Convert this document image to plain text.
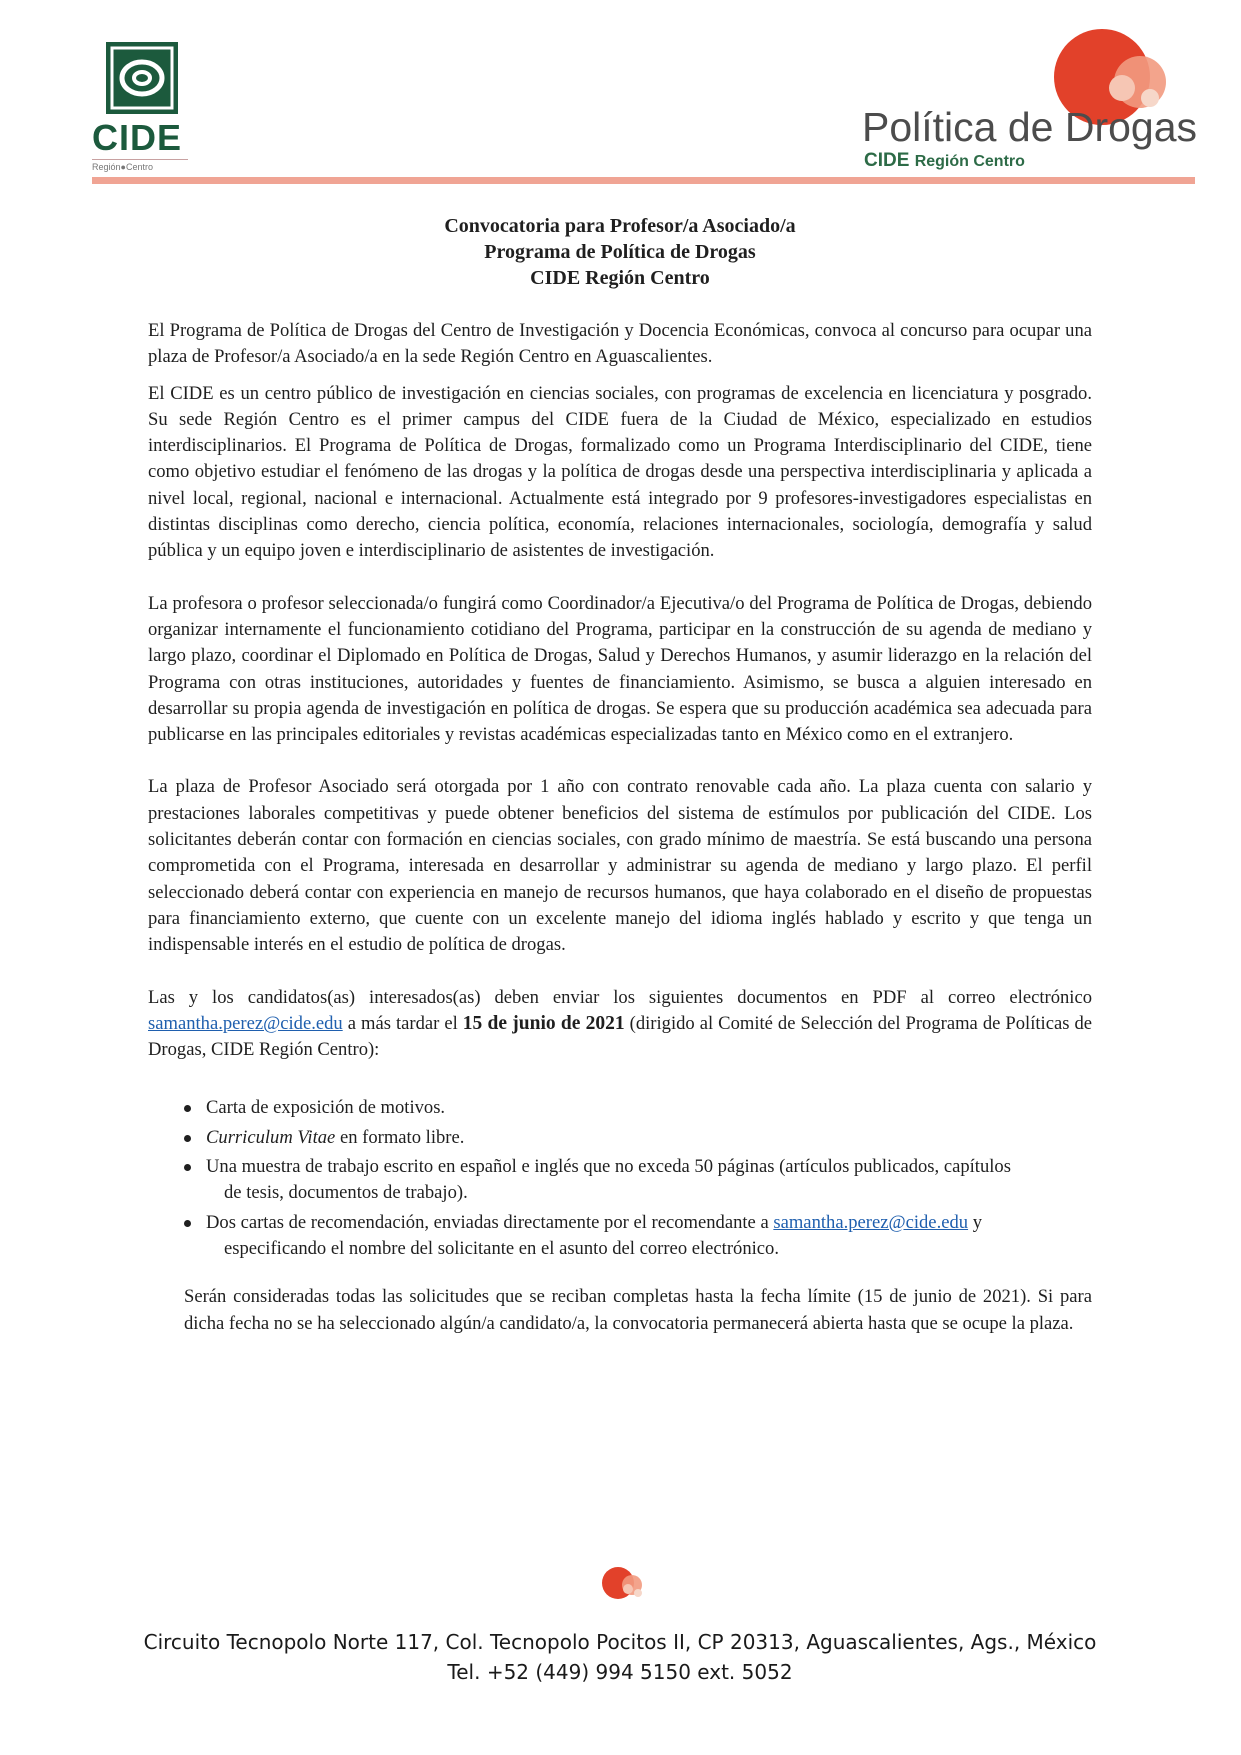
CIDE
Región●Centro
Política de Drogas
CIDE Región Centro
Convocatoria para Profesor/a Asociado/a
Programa de Política de Drogas
CIDE Región Centro

El Programa de Política de Drogas del Centro de Investigación y Docencia Económicas, convoca al concurso para ocupar una plaza de Profesor/a Asociado/a en la sede Región Centro en Aguascalientes.

El CIDE es un centro público de investigación en ciencias sociales, con programas de excelencia en licenciatura y posgrado. Su sede Región Centro es el primer campus del CIDE fuera de la Ciudad de México, especializado en estudios interdisciplinarios. El Programa de Política de Drogas, formalizado como un Programa Interdisciplinario del CIDE, tiene como objetivo estudiar el fenómeno de las drogas y la política de drogas desde una perspectiva interdisciplinaria y aplicada a nivel local, regional, nacional e internacional. Actualmente está integrado por 9 profesores-investigadores especialistas en distintas disciplinas como derecho, ciencia política, economía, relaciones internacionales, sociología, demografía y salud pública y un equipo joven e interdisciplinario de asistentes de investigación.

La profesora o profesor seleccionada/o fungirá como Coordinador/a Ejecutiva/o del Programa de Política de Drogas, debiendo organizar internamente el funcionamiento cotidiano del Programa, participar en la construcción de su agenda de mediano y largo plazo, coordinar el Diplomado en Política de Drogas, Salud y Derechos Humanos, y asumir liderazgo en la relación del Programa con otras instituciones, autoridades y fuentes de financiamiento. Asimismo, se busca a alguien interesado en desarrollar su propia agenda de investigación en política de drogas. Se espera que su producción académica sea adecuada para publicarse en las principales editoriales y revistas académicas especializadas tanto en México como en el extranjero.

La plaza de Profesor Asociado será otorgada por 1 año con contrato renovable cada año. La plaza cuenta con salario y prestaciones laborales competitivas y puede obtener beneficios del sistema de estímulos por publicación del CIDE. Los solicitantes deberán contar con formación en ciencias sociales, con grado mínimo de maestría. Se está buscando una persona comprometida con el Programa, interesada en desarrollar y administrar su agenda de mediano y largo plazo. El perfil seleccionado deberá contar con experiencia en manejo de recursos humanos, que haya colaborado en el diseño de propuestas para financiamiento externo, que cuente con un excelente manejo del idioma inglés hablado y escrito y que tenga un indispensable interés en el estudio de política de drogas.

Las y los candidatos(as) interesados(as) deben enviar los siguientes documentos en PDF al correo electrónico samantha.perez@cide.edu a más tardar el 15 de junio de 2021 (dirigido al Comité de Selección del Programa de Políticas de Drogas, CIDE Región Centro):

Carta de exposición de motivos.
Curriculum Vitae en formato libre.
Una muestra de trabajo escrito en español e inglés que no exceda 50 páginas (artículos publicados, capítulos
de tesis, documentos de trabajo).
Dos cartas de recomendación, enviadas directamente por el recomendante a samantha.perez@cide.edu y
especificando el nombre del solicitante en el asunto del correo electrónico.

Serán consideradas todas las solicitudes que se reciban completas hasta la fecha límite (15 de junio de 2021). Si para dicha fecha no se ha seleccionado algún/a candidato/a, la convocatoria permanecerá abierta hasta que se ocupe la plaza.

Circuito Tecnopolo Norte 117, Col. Tecnopolo Pocitos II, CP 20313, Aguascalientes, Ags., México
Tel. +52 (449) 994 5150 ext. 5052
